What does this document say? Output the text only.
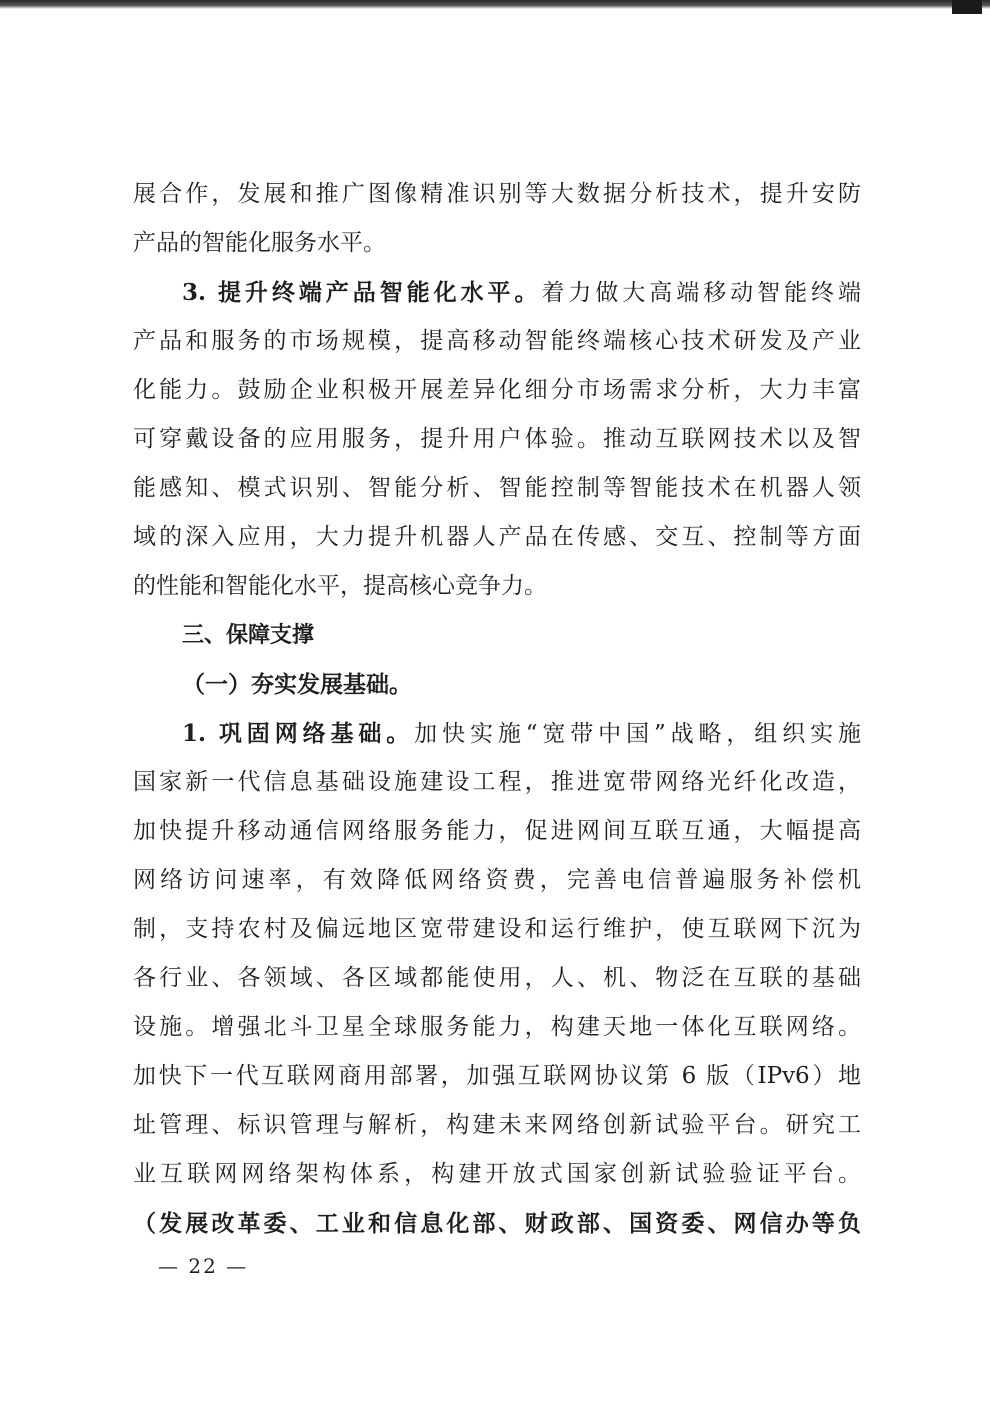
展合作，发展和推广图像精准识别等大数据分析技术，提升安防
产品的智能化服务水平。
3. 提升终端产品智能化水平。着力做大高端移动智能终端
产品和服务的市场规模，提高移动智能终端核心技术研发及产业
化能力。鼓励企业积极开展差异化细分市场需求分析，大力丰富
可穿戴设备的应用服务，提升用户体验。推动互联网技术以及智
能感知、模式识别、智能分析、智能控制等智能技术在机器人领
域的深入应用，大力提升机器人产品在传感、交互、控制等方面
的性能和智能化水平，提高核心竞争力。
三、保障支撑
（一）夯实发展基础。
1. 巩固网络基础。加快实施“宽带中国”战略，组织实施
国家新一代信息基础设施建设工程，推进宽带网络光纤化改造，
加快提升移动通信网络服务能力，促进网间互联互通，大幅提高
网络访问速率，有效降低网络资费，完善电信普遍服务补偿机
制，支持农村及偏远地区宽带建设和运行维护，使互联网下沉为
各行业、各领域、各区域都能使用，人、机、物泛在互联的基础
设施。增强北斗卫星全球服务能力，构建天地一体化互联网络。
加快下一代互联网商用部署，加强互联网协议第 6 版（IPv6）地
址管理、标识管理与解析，构建未来网络创新试验平台。研究工
业互联网网络架构体系，构建开放式国家创新试验验证平台。
（发展改革委、工业和信息化部、财政部、国资委、网信办等负
— 22 —
